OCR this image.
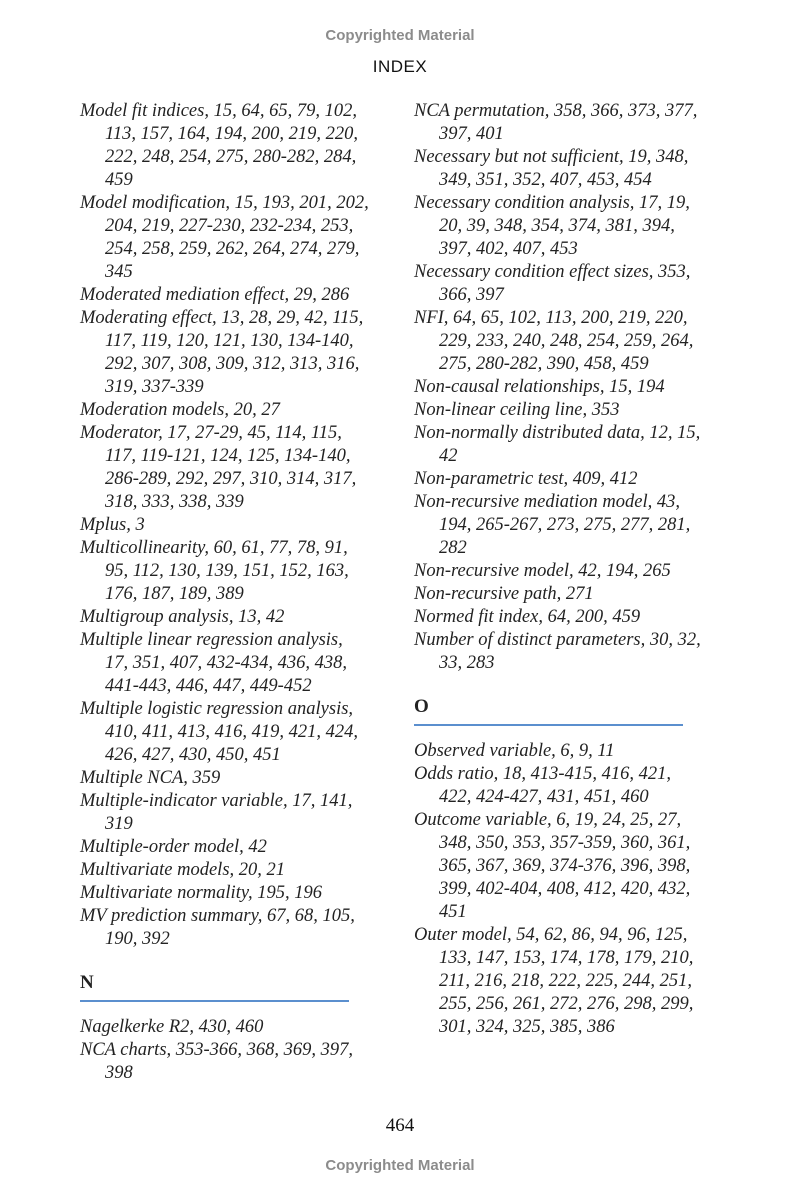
Copyrighted Material
INDEX

Model fit indices, 15, 64, 65, 79, 102, 113, 157, 164, 194, 200, 219, 220, 222, 248, 254, 275, 280-282, 284, 459

Model modification, 15, 193, 201, 202, 204, 219, 227-230, 232-234, 253, 254, 258, 259, 262, 264, 274, 279, 345

Moderated mediation effect, 29, 286

Moderating effect, 13, 28, 29, 42, 115, 117, 119, 120, 121, 130, 134-140, 292, 307, 308, 309, 312, 313, 316, 319, 337-339

Moderation models, 20, 27

Moderator, 17, 27-29, 45, 114, 115, 117, 119-121, 124, 125, 134-140, 286-289, 292, 297, 310, 314, 317, 318, 333, 338, 339

Mplus, 3

Multicollinearity, 60, 61, 77, 78, 91, 95, 112, 130, 139, 151, 152, 163, 176, 187, 189, 389

Multigroup analysis, 13, 42

Multiple linear regression analysis, 17, 351, 407, 432-434, 436, 438, 441-443, 446, 447, 449-452

Multiple logistic regression analysis, 410, 411, 413, 416, 419, 421, 424, 426, 427, 430, 450, 451

Multiple NCA, 359

Multiple-indicator variable, 17, 141, 319

Multiple-order model, 42

Multivariate models, 20, 21

Multivariate normality, 195, 196

MV prediction summary, 67, 68, 105, 190, 392

N

Nagelkerke R2, 430, 460

NCA charts, 353-366, 368, 369, 397, 398

NCA permutation, 358, 366, 373, 377, 397, 401

Necessary but not sufficient, 19, 348, 349, 351, 352, 407, 453, 454

Necessary condition analysis, 17, 19, 20, 39, 348, 354, 374, 381, 394, 397, 402, 407, 453

Necessary condition effect sizes, 353, 366, 397

NFI, 64, 65, 102, 113, 200, 219, 220, 229, 233, 240, 248, 254, 259, 264, 275, 280-282, 390, 458, 459

Non-causal relationships, 15, 194

Non-linear ceiling line, 353

Non-normally distributed data, 12, 15, 42

Non-parametric test, 409, 412

Non-recursive mediation model, 43, 194, 265-267, 273, 275, 277, 281, 282

Non-recursive model, 42, 194, 265

Non-recursive path, 271

Normed fit index, 64, 200, 459

Number of distinct parameters, 30, 32, 33, 283

O

Observed variable, 6, 9, 11

Odds ratio, 18, 413-415, 416, 421, 422, 424-427, 431, 451, 460

Outcome variable, 6, 19, 24, 25, 27, 348, 350, 353, 357-359, 360, 361, 365, 367, 369, 374-376, 396, 398, 399, 402-404, 408, 412, 420, 432, 451

Outer model, 54, 62, 86, 94, 96, 125, 133, 147, 153, 174, 178, 179, 210, 211, 216, 218, 222, 225, 244, 251, 255, 256, 261, 272, 276, 298, 299, 301, 324, 325, 385, 386

464
Copyrighted Material
